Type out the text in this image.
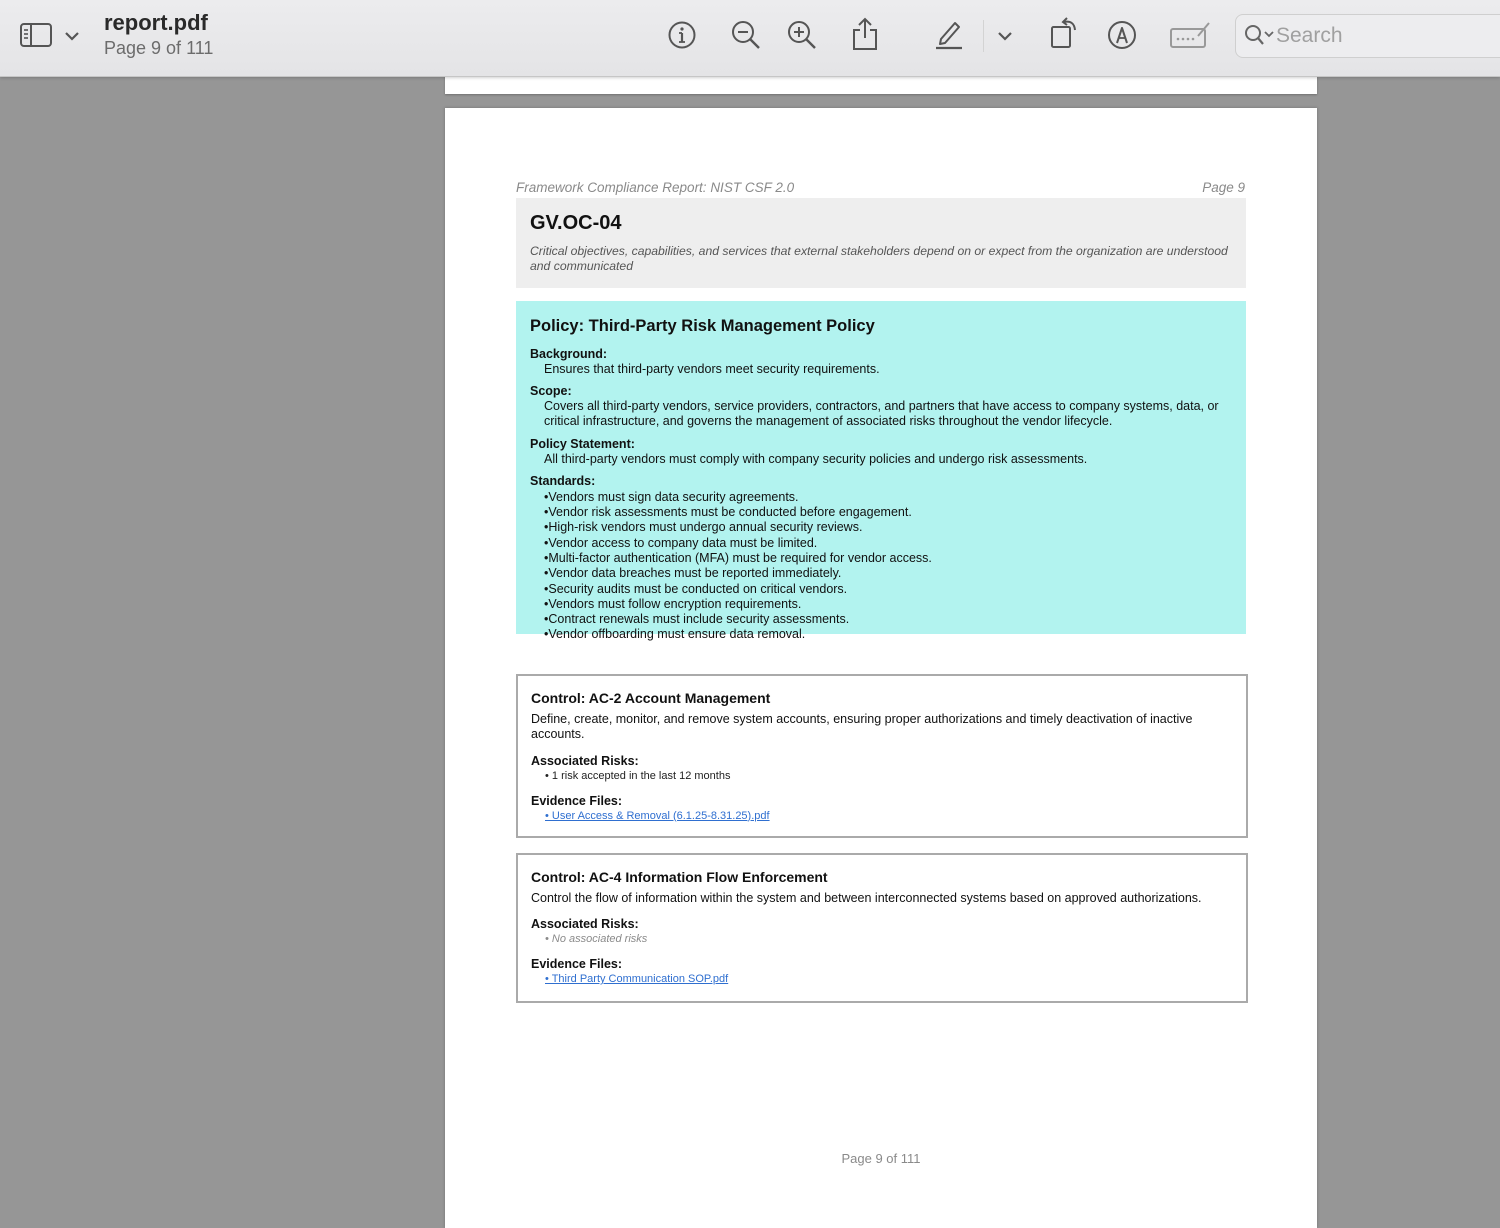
report.pdf
Page 9 of 111
Search
Framework Compliance Report: NIST CSF 2.0	Page 9
GV.OC-04
Critical objectives, capabilities, and services that external stakeholders depend on or expect from the organization are understood and communicated
Policy: Third-Party Risk Management Policy
Background:
Ensures that third-party vendors meet security requirements.
Scope:
Covers all third-party vendors, service providers, contractors, and partners that have access to company systems, data, or critical infrastructure, and governs the management of associated risks throughout the vendor lifecycle.
Policy Statement:
All third-party vendors must comply with company security policies and undergo risk assessments.
Standards:
• Vendors must sign data security agreements.
• Vendor risk assessments must be conducted before engagement.
• High-risk vendors must undergo annual security reviews.
• Vendor access to company data must be limited.
• Multi-factor authentication (MFA) must be required for vendor access.
• Vendor data breaches must be reported immediately.
• Security audits must be conducted on critical vendors.
• Vendors must follow encryption requirements.
• Contract renewals must include security assessments.
• Vendor offboarding must ensure data removal.
Control: AC-2 Account Management
Define, create, monitor, and remove system accounts, ensuring proper authorizations and timely deactivation of inactive accounts.
Associated Risks:
• 1 risk accepted in the last 12 months
Evidence Files:
• User Access & Removal (6.1.25-8.31.25).pdf
Control: AC-4 Information Flow Enforcement
Control the flow of information within the system and between interconnected systems based on approved authorizations.
Associated Risks:
• No associated risks
Evidence Files:
• Third Party Communication SOP.pdf
Page 9 of 111
